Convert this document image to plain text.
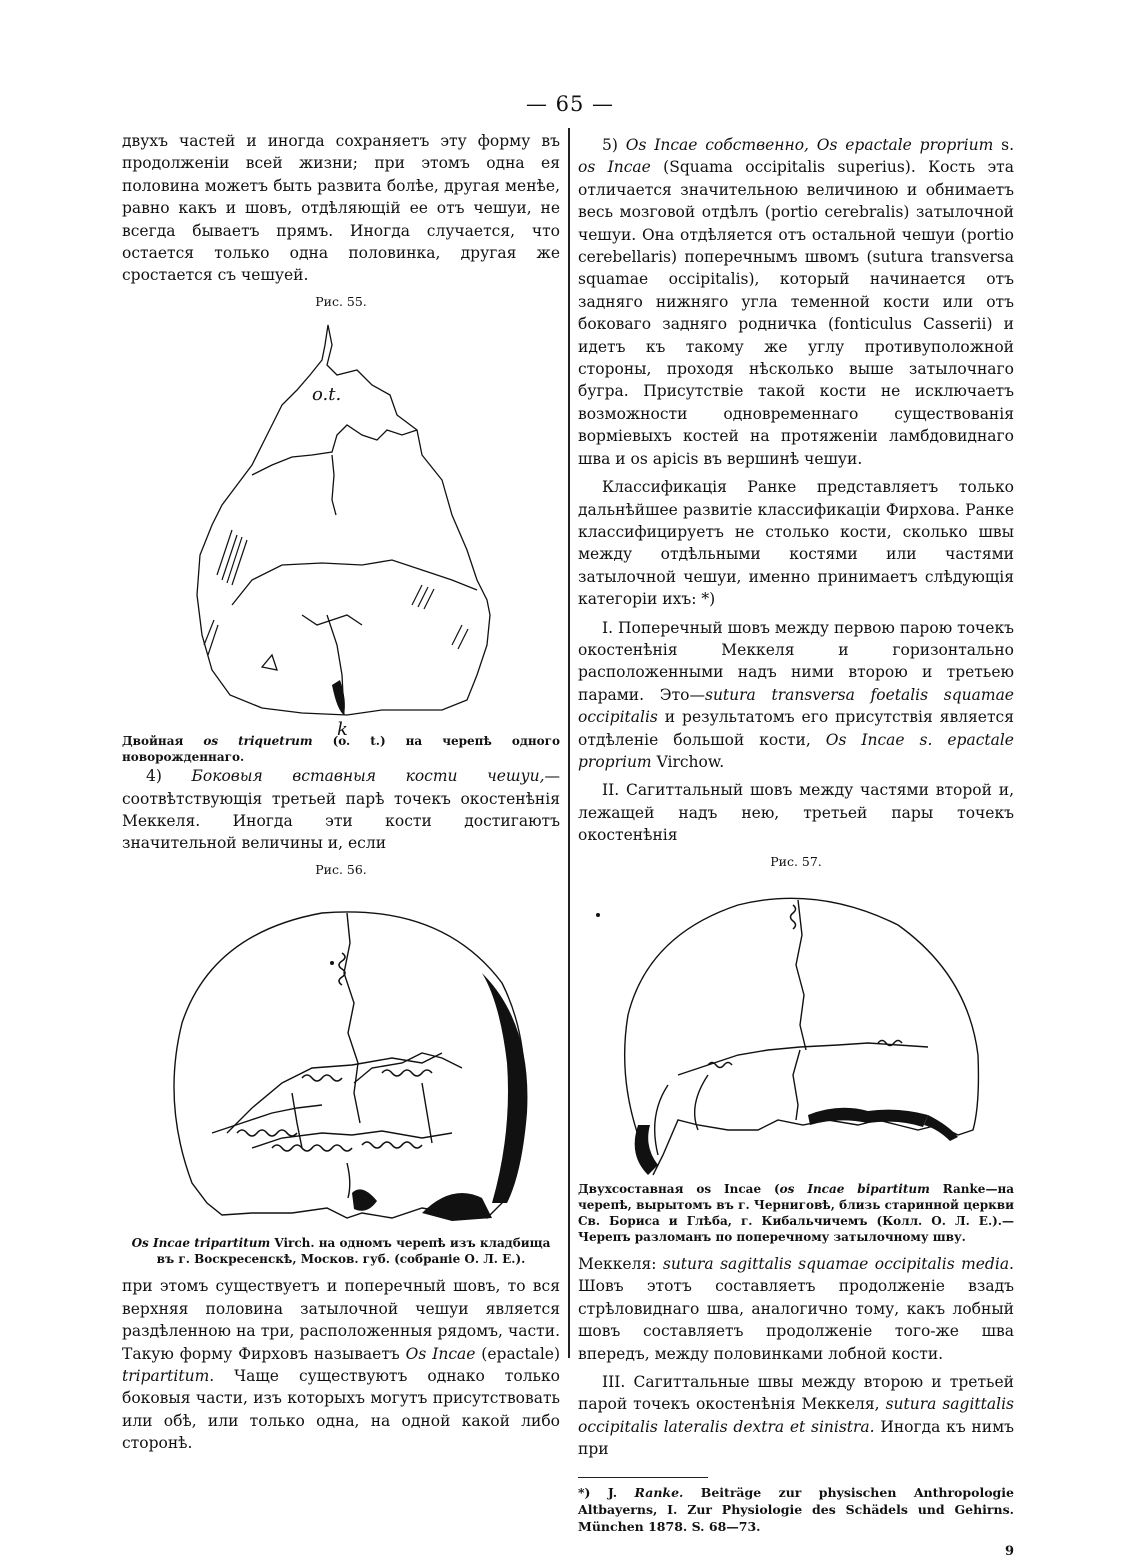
— 65 —

двухъ частей и иногда сохраняетъ эту форму въ продолженіи всей жизни; при этомъ одна ея половина можетъ быть развита болѣе, другая менѣе, равно какъ и шовъ, отдѣляющій ее отъ чешуи, не всегда бываетъ прямъ. Иногда случается, что остается только одна половинка, другая же сростается съ чешуей.

Рис. 55.
o.t.
k
Двойная os triquetrum (o. t.) на черепѣ одного новорожденнаго.

4) Боковыя вставныя кости чешуи,—соотвѣтствующія третьей парѣ точекъ окостенѣнія Меккеля. Иногда эти кости достигаютъ значительной величины и, если

Рис. 56.
Os Incae tripartitum Virch. на одномъ черепѣ изъ кладбища въ г. Воскресенскѣ, Москов. губ. (собраніе О. Л. Е.).

при этомъ существуетъ и поперечный шовъ, то вся верхняя половина затылочной чешуи является раздѣленною на три, расположенныя рядомъ, части. Такую форму Фирховъ называетъ Os Incae (epactale) tripartitum. Чаще существуютъ однако только боковыя части, изъ которыхъ могутъ присутствовать или обѣ, или только одна, на одной какой либо сторонѣ.

5) Os Incae собственно, Os epactale proprium s. os Incae (Squama occipitalis superius). Кость эта отличается значительною величиною и обнимаетъ весь мозговой отдѣлъ (portio cerebralis) затылочной чешуи. Она отдѣляется отъ остальной чешуи (portio cerebellaris) поперечнымъ швомъ (sutura transversa squamae occipitalis), который начинается отъ задняго нижняго угла теменной кости или отъ боковаго задняго родничка (fonticulus Casserii) и идетъ къ такому же углу противуположной стороны, проходя нѣсколько выше затылочнаго бугра. Присутствіе такой кости не исключаетъ возможности одновременнаго существованія ворміевыхъ костей на протяженіи ламбдовиднаго шва и os apicis въ вершинѣ чешуи.

Классификація Ранке представляетъ только дальнѣйшее развитіе классификаціи Фирхова. Ранке классифицируетъ не столько кости, сколько швы между отдѣльными костями или частями затылочной чешуи, именно принимаетъ слѣдующія категоріи ихъ: *)

I. Поперечный шовъ между первою парою точекъ окостенѣнія Меккеля и горизонтально расположенными надъ ними второю и третьею парами. Это—sutura transversa foetalis squamae occipitalis и результатомъ его присутствія является отдѣленіе большой кости, Os Incae s. epactale proprium Virchow.

II. Сагиттальный шовъ между частями второй и, лежащей надъ нею, третьей пары точекъ окостенѣнія

Рис. 57.
Двухсоставная os Incae (os Incae bipartitum Ranke—на черепѣ, вырытомъ въ г. Черниговѣ, близь старинной церкви Св. Бориса и Глѣба, г. Кибальчичемъ (Колл. О. Л. Е.).—Черепъ разломанъ по поперечному затылочному шву.

Меккеля: sutura sagittalis squamae occipitalis media. Шовъ этотъ составляетъ продолженіе взадъ стрѣловиднаго шва, аналогично тому, какъ лобный шовъ составляетъ продолженіе того-же шва впередъ, между половинками лобной кости.

III. Сагиттальные швы между второю и третьей парой точекъ окостенѣнія Меккеля, sutura sagittalis occipitalis lateralis dextra et sinistra. Иногда къ нимъ при

*) J. Ranke. Beiträge zur physischen Anthropologie Altbayerns, I. Zur Physiologie des Schädels und Gehirns. München 1878. S. 68—73.
9
